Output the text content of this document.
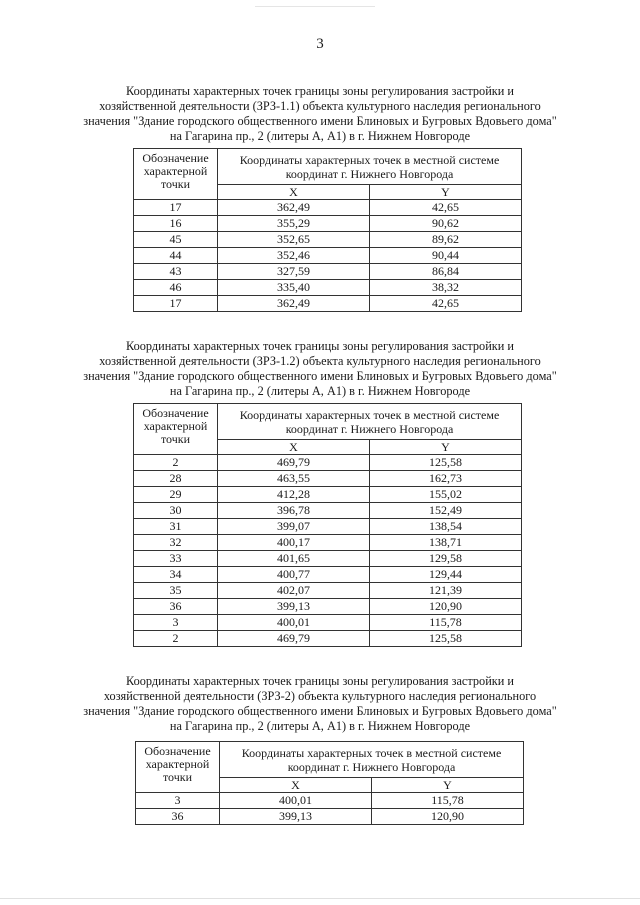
3
Координаты характерных точек границы зоны регулирования застройки и
хозяйственной деятельности (ЗРЗ-1.1) объекта культурного наследия регионального
значения "Здание городского общественного имени Блиновых и Бугровых Вдовьего дома"
на Гагарина пр., 2 (литеры А, А1) в г. Нижнем Новгороде
Обозначение
характерной
точки	Координаты характерных точек в местной системе
координат г. Нижнего Новгорода	
	X	Y
17	362,49	42,65
16	355,29	90,62
45	352,65	89,62
44	352,46	90,44
43	327,59	86,84
46	335,40	38,32
17	362,49	42,65
Координаты характерных точек границы зоны регулирования застройки и
хозяйственной деятельности (ЗРЗ-1.2) объекта культурного наследия регионального
значения "Здание городского общественного имени Блиновых и Бугровых Вдовьего дома"
на Гагарина пр., 2 (литеры А, А1) в г. Нижнем Новгороде
Обозначение
характерной
точки	Координаты характерных точек в местной системе
координат г. Нижнего Новгорода	
	X	Y
2	469,79	125,58
28	463,55	162,73
29	412,28	155,02
30	396,78	152,49
31	399,07	138,54
32	400,17	138,71
33	401,65	129,58
34	400,77	129,44
35	402,07	121,39
36	399,13	120,90
3	400,01	115,78
2	469,79	125,58
Координаты характерных точек границы зоны регулирования застройки и
хозяйственной деятельности (ЗРЗ-2) объекта культурного наследия регионального
значения "Здание городского общественного имени Блиновых и Бугровых Вдовьего дома"
на Гагарина пр., 2 (литеры А, А1) в г. Нижнем Новгороде
Обозначение
характерной
точки	Координаты характерных точек в местной системе
координат г. Нижнего Новгорода	
	X	Y
3	400,01	115,78
36	399,13	120,90
